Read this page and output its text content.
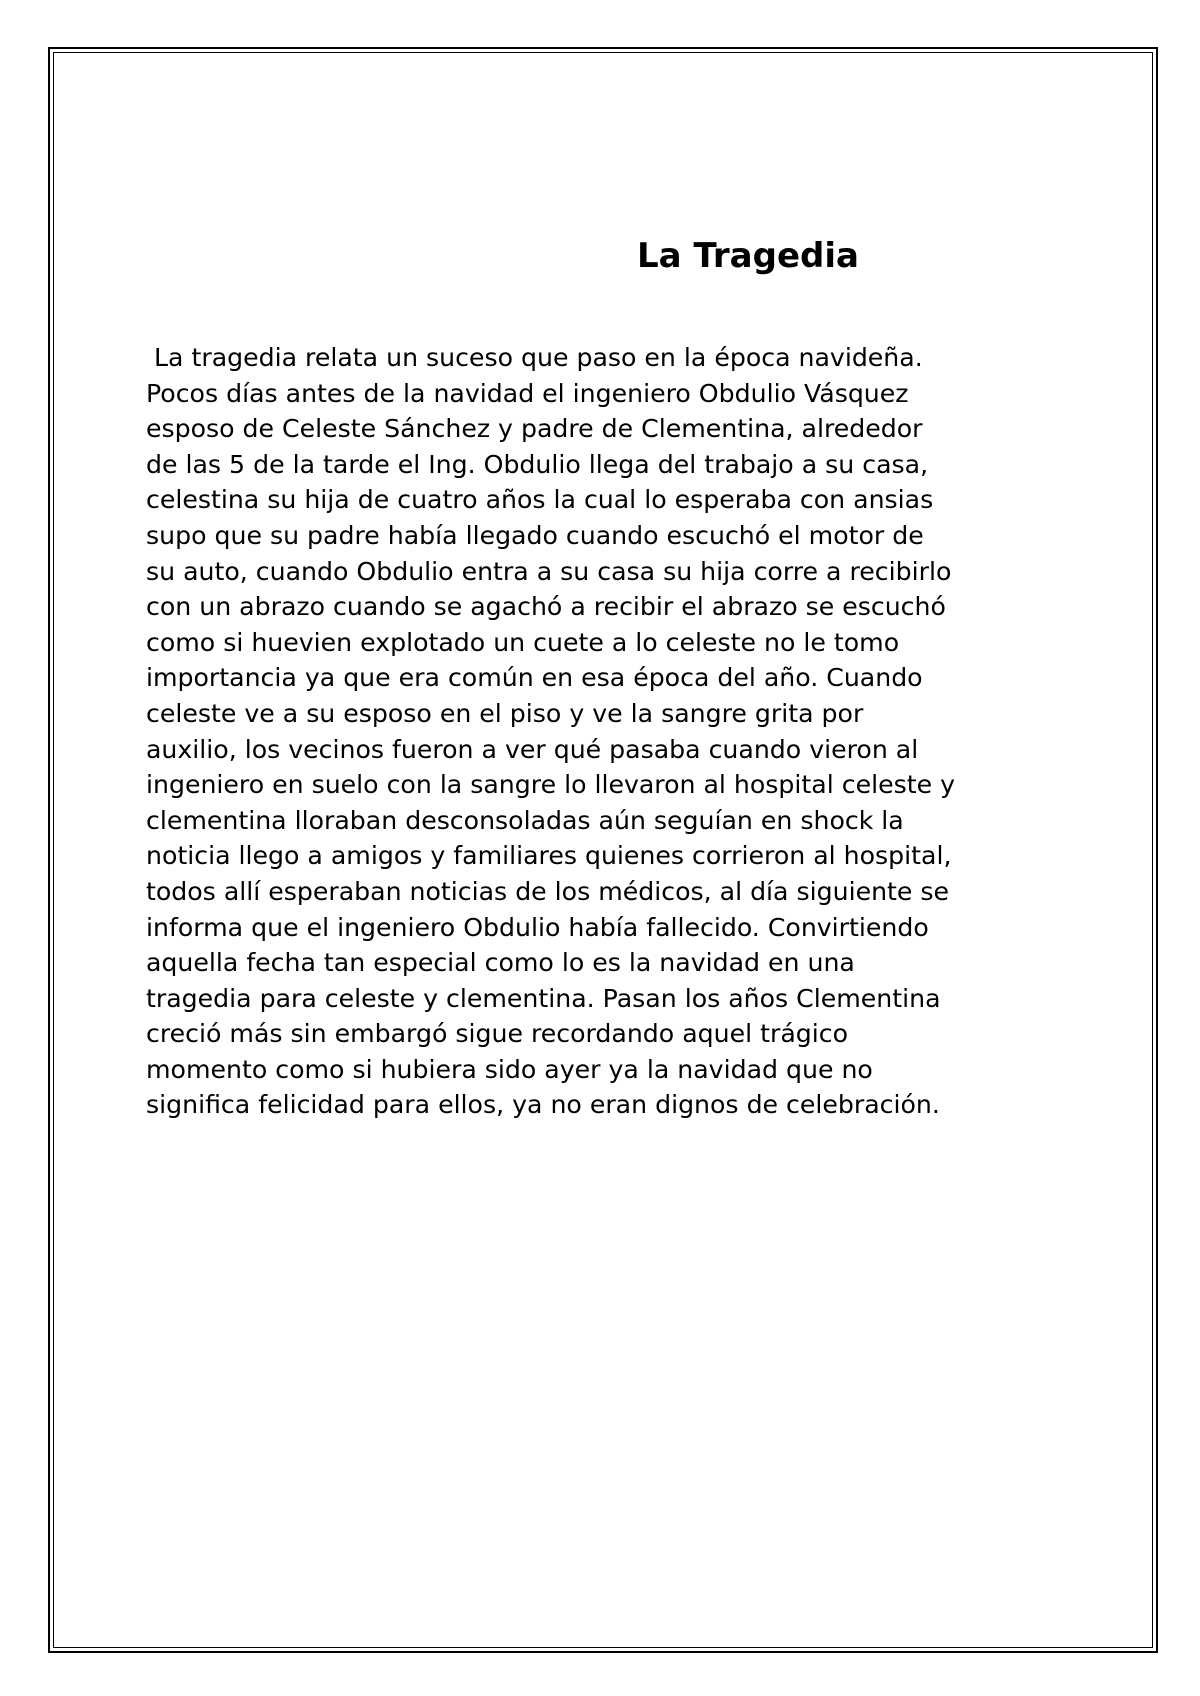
La Tragedia
La tragedia relata un suceso que paso en la época navideña.
Pocos días antes de la navidad el ingeniero Obdulio Vásquez
esposo de Celeste Sánchez y padre de Clementina, alrededor
de las 5 de la tarde el Ing. Obdulio llega del trabajo a su casa,
celestina su hija de cuatro años la cual lo esperaba con ansias
supo que su padre había llegado cuando escuchó el motor de
su auto, cuando Obdulio entra a su casa su hija corre a recibirlo
con un abrazo cuando se agachó a recibir el abrazo se escuchó
como si huevien explotado un cuete a lo celeste no le tomo
importancia ya que era común en esa época del año. Cuando
celeste ve a su esposo en el piso y ve la sangre grita por
auxilio, los vecinos fueron a ver qué pasaba cuando vieron al
ingeniero en suelo con la sangre lo llevaron al hospital celeste y
clementina lloraban desconsoladas aún seguían en shock la
noticia llego a amigos y familiares quienes corrieron al hospital,
todos allí esperaban noticias de los médicos, al día siguiente se
informa que el ingeniero Obdulio había fallecido. Convirtiendo
aquella fecha tan especial como lo es la navidad en una
tragedia para celeste y clementina. Pasan los años Clementina
creció más sin embargó sigue recordando aquel trágico
momento como si hubiera sido ayer ya la navidad que no
significa felicidad para ellos, ya no eran dignos de celebración.
